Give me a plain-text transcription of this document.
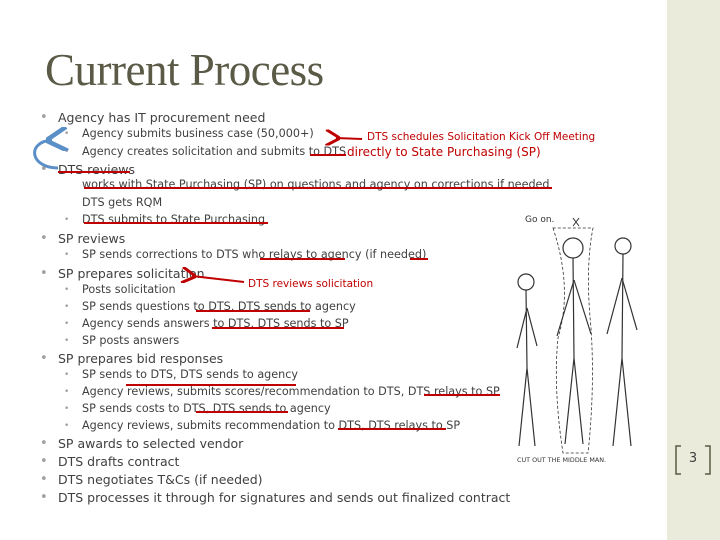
3
Current Process
• Agency has IT procurement need
• Agency submits business case (50,000+)
• Agency creates solicitation and submits to DTS
• DTS reviews
works with State Purchasing (SP) on questions and agency on corrections if needed
DTS gets RQM
• DTS submits to State Purchasing
• SP reviews
• SP sends corrections to DTS who relays to agency (if needed)
• SP prepares solicitation
• Posts solicitation
• SP sends questions to DTS, DTS sends to agency
• Agency sends answers to DTS, DTS sends to SP
• SP posts answers
• SP prepares bid responses
• SP sends to DTS, DTS sends to agency
• Agency reviews, submits scores/recommendation to DTS, DTS relays to SP
• SP sends costs to DTS, DTS sends to agency
• Agency reviews, submits recommendation to DTS, DTS relays to SP
• SP awards to selected vendor
• DTS drafts contract
• DTS negotiates T&Cs (if needed)
• DTS processes it through for signatures and sends out finalized contract
DTS schedules Solicitation Kick Off Meeting
directly to State Purchasing (SP)
DTS reviews solicitation
Go on.
CUT OUT THE MIDDLE MAN.
